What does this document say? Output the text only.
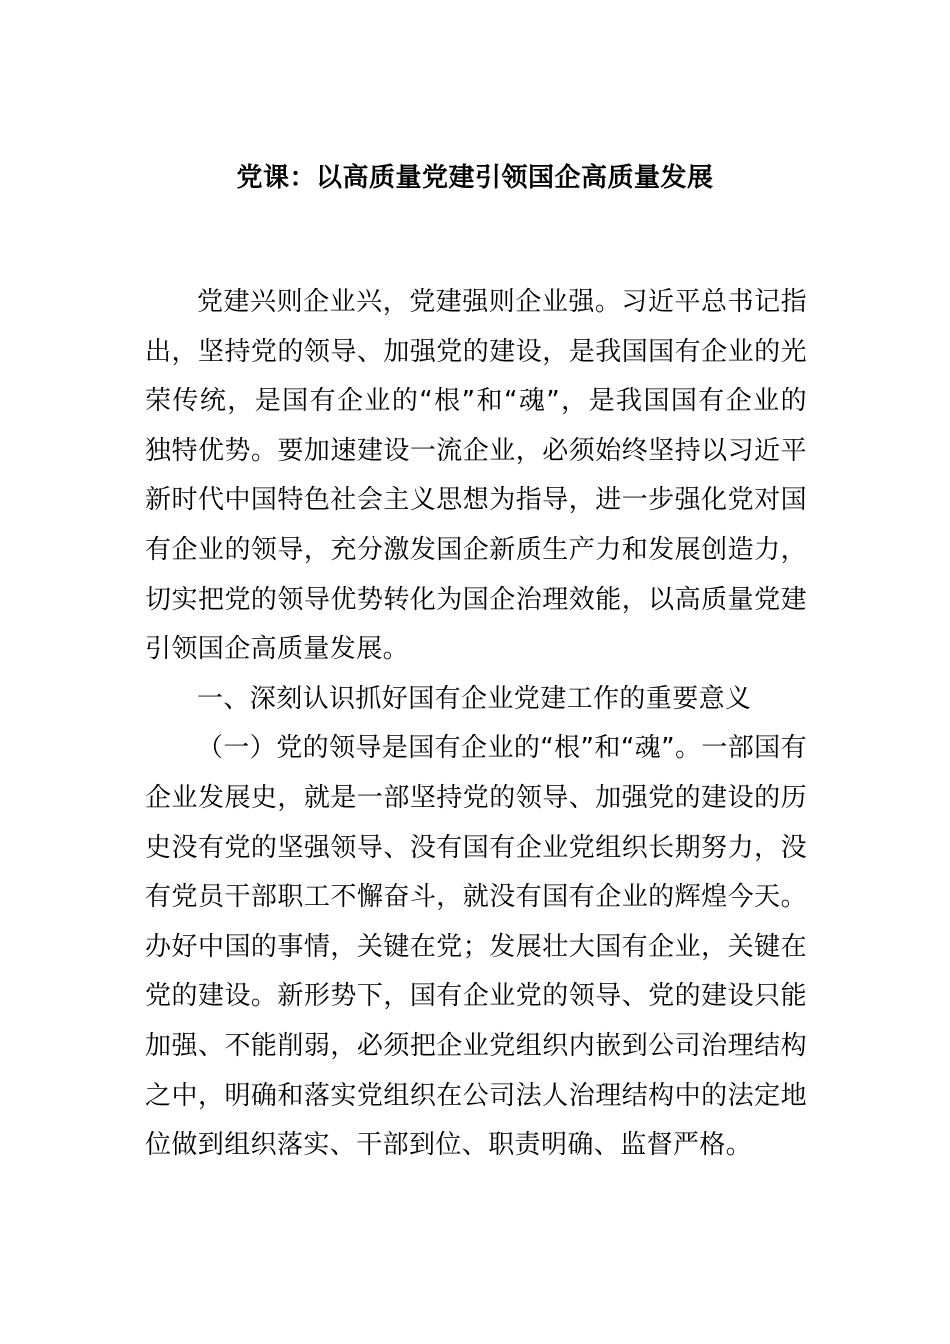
党课：以高质量党建引领国企高质量发展

党建兴则企业兴，党建强则企业强。习近平总书记指出，坚持党的领导、加强党的建设，是我国国有企业的光荣传统，是国有企业的“根”和“魂”，是我国国有企业的独特优势。要加速建设一流企业，必须始终坚持以习近平新时代中国特色社会主义思想为指导，进一步强化党对国有企业的领导，充分激发国企新质生产力和发展创造力，切实把党的领导优势转化为国企治理效能，以高质量党建引领国企高质量发展。

一、深刻认识抓好国有企业党建工作的重要意义

（一）党的领导是国有企业的“根”和“魂”。一部国有企业发展史，就是一部坚持党的领导、加强党的建设的历史没有党的坚强领导、没有国有企业党组织长期努力，没有党员干部职工不懈奋斗，就没有国有企业的辉煌今天。办好中国的事情，关键在党；发展壮大国有企业，关键在党的建设。新形势下，国有企业党的领导、党的建设只能加强、不能削弱，必须把企业党组织内嵌到公司治理结构之中，明确和落实党组织在公司法人治理结构中的法定地位做到组织落实、干部到位、职责明确、监督严格。
